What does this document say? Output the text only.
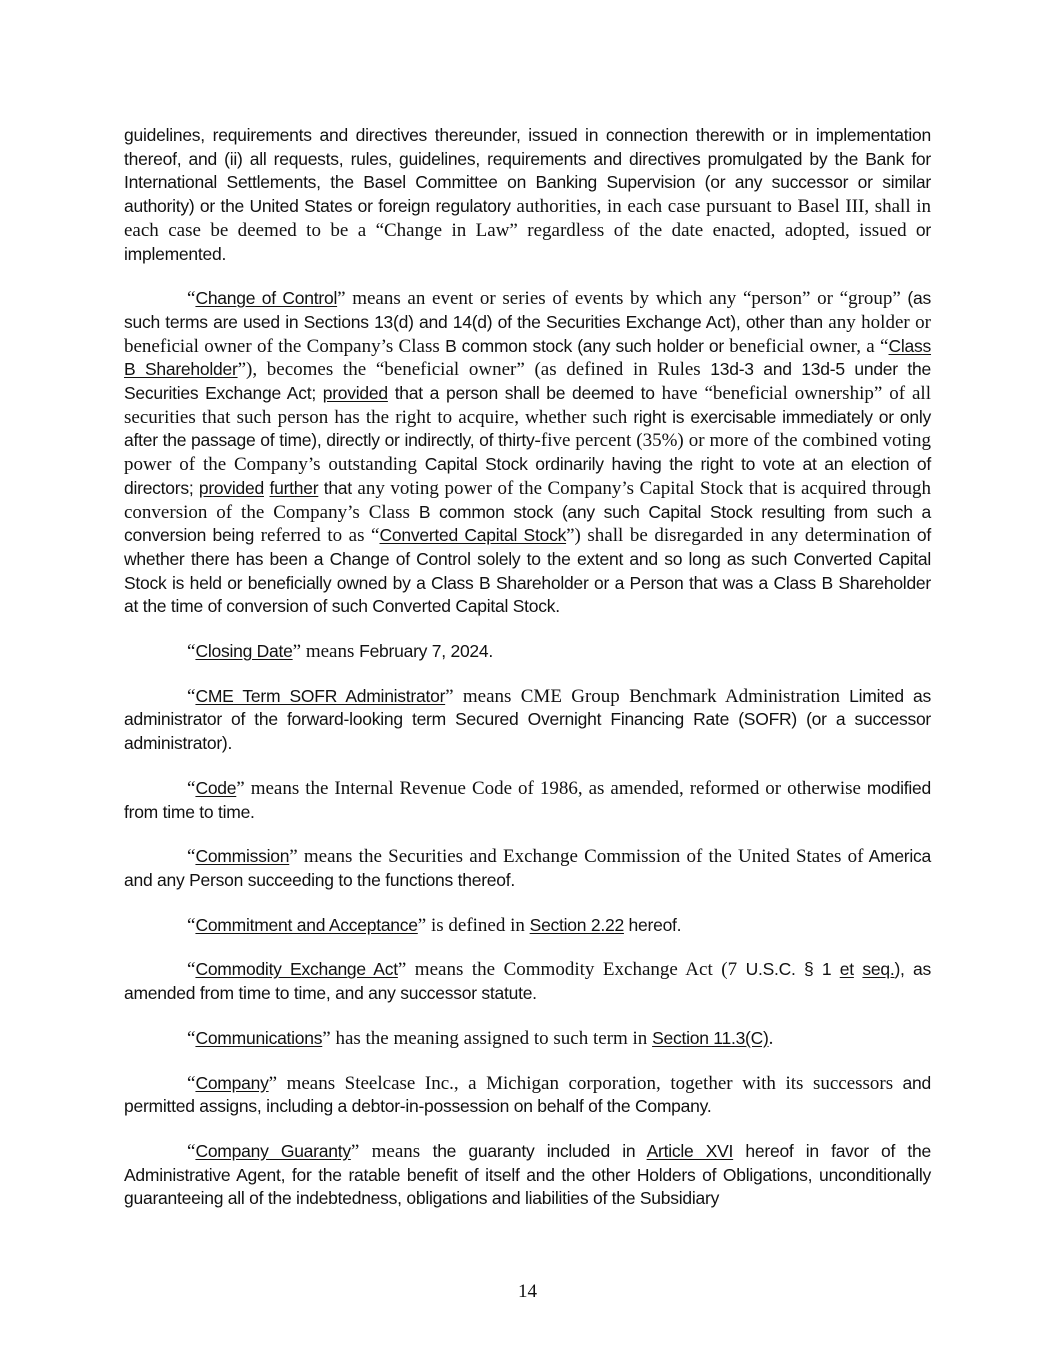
guidelines, requirements and directives thereunder, issued in connection therewith or in implementation thereof, and (ii) all requests, rules, guidelines, requirements and directives promulgated by the Bank for International Settlements, the Basel Committee on Banking Supervision (or any successor or similar authority) or the United States or foreign regulatory authorities, in each case pursuant to Basel III, shall in each case be deemed to be a “Change in Law” regardless of the date enacted, adopted, issued or implemented.

“Change of Control” means an event or series of events by which any “person” or “group” (as such terms are used in Sections 13(d) and 14(d) of the Securities Exchange Act), other than any holder or beneficial owner of the Company’s Class B common stock (any such holder or beneficial owner, a “Class B Shareholder”), becomes the “beneficial owner” (as defined in Rules 13d-3 and 13d-5 under the Securities Exchange Act; provided that a person shall be deemed to have “beneficial ownership” of all securities that such person has the right to acquire, whether such right is exercisable immediately or only after the passage of time), directly or indirectly, of thirty-five percent (35%) or more of the combined voting power of the Company’s outstanding Capital Stock ordinarily having the right to vote at an election of directors; provided further that any voting power of the Company’s Capital Stock that is acquired through conversion of the Company’s Class B common stock (any such Capital Stock resulting from such a conversion being referred to as “Converted Capital Stock”) shall be disregarded in any determination of whether there has been a Change of Control solely to the extent and so long as such Converted Capital Stock is held or beneficially owned by a Class B Shareholder or a Person that was a Class B Shareholder at the time of conversion of such Converted Capital Stock.

“Closing Date” means February 7, 2024.

“CME Term SOFR Administrator” means CME Group Benchmark Administration Limited as administrator of the forward-looking term Secured Overnight Financing Rate (SOFR) (or a successor administrator).

“Code” means the Internal Revenue Code of 1986, as amended, reformed or otherwise modified from time to time.

“Commission” means the Securities and Exchange Commission of the United States of America and any Person succeeding to the functions thereof.

“Commitment and Acceptance” is defined in Section 2.22 hereof.

“Commodity Exchange Act” means the Commodity Exchange Act (7 U.S.C. § 1 et seq.), as amended from time to time, and any successor statute.

“Communications” has the meaning assigned to such term in Section 11.3(C).

“Company” means Steelcase Inc., a Michigan corporation, together with its successors and permitted assigns, including a debtor-in-possession on behalf of the Company.

“Company Guaranty” means the guaranty included in Article XVI hereof in favor of the Administrative Agent, for the ratable benefit of itself and the other Holders of Obligations, unconditionally guaranteeing all of the indebtedness, obligations and liabilities of the Subsidiary

14
